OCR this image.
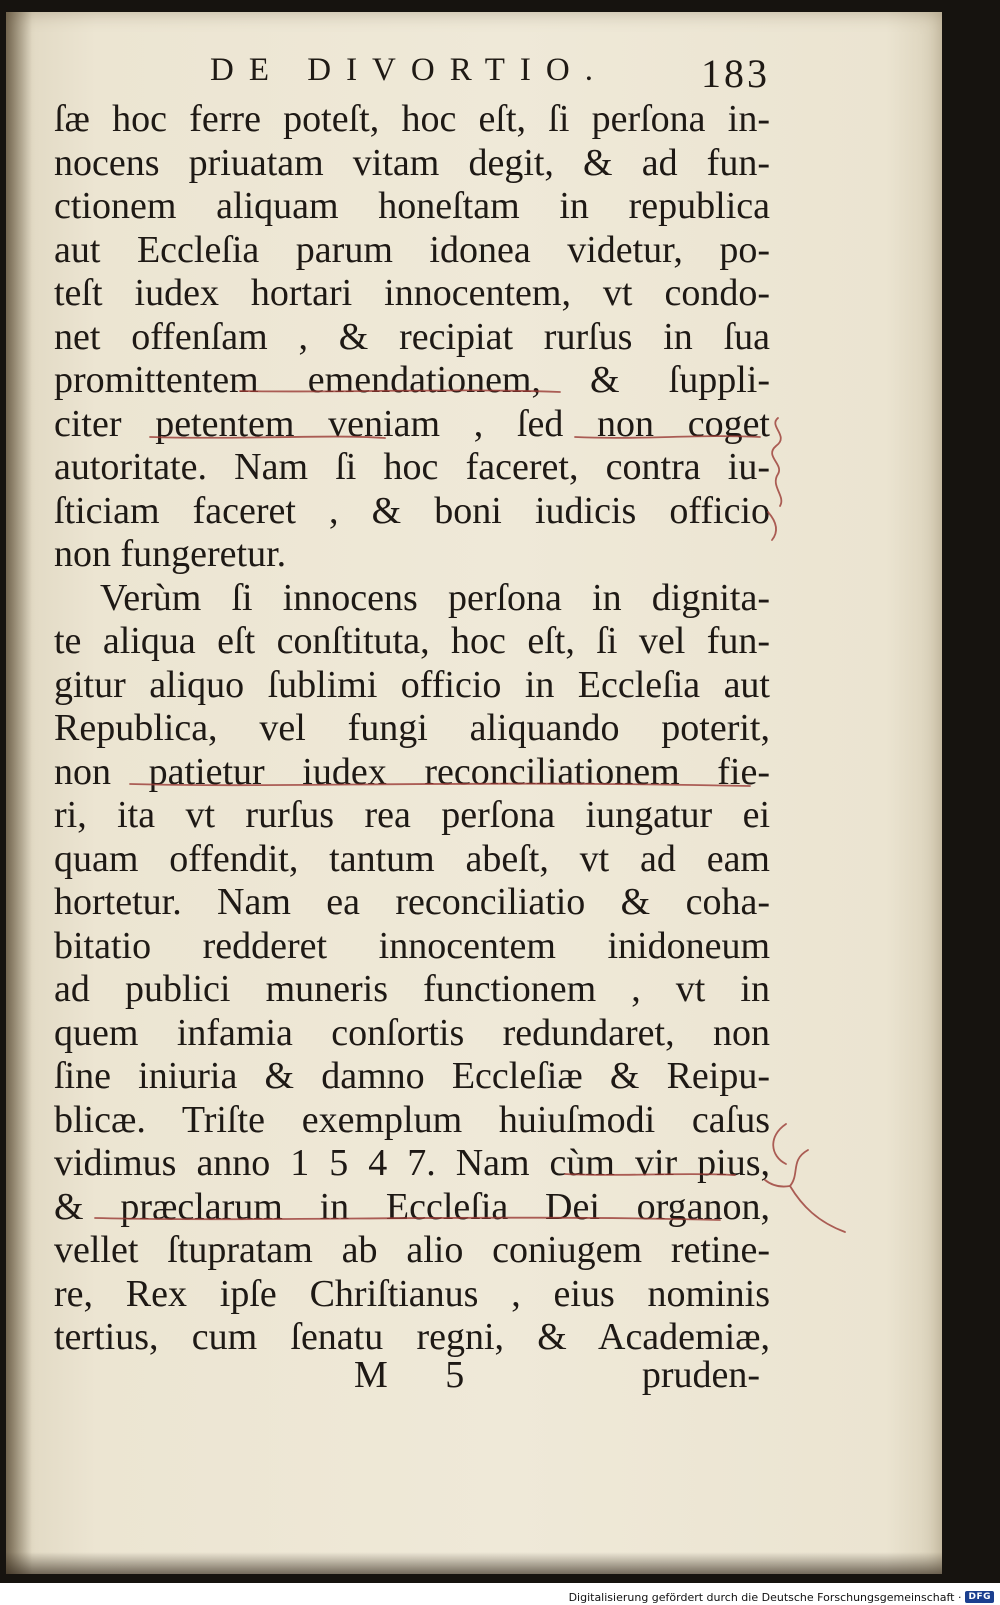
DE DIVORTIO. 183
ſæ hoc ferre poteſt, hoc eſt, ſi perſona in-
nocens priuatam vitam degit, & ad fun-
ctionem aliquam honeſtam in republica
aut Eccleſia parum idonea videtur, po-
teſt iudex hortari innocentem, vt condo-
net offenſam , & recipiat rurſus in ſua
promittentem emendationem, & ſuppli-
citer petentem veniam , ſed non coget
autoritate. Nam ſi hoc faceret, contra iu-
ſticiam faceret , & boni iudicis officio
non fungeretur.
Verùm ſi innocens perſona in dignita-
te aliqua eſt conſtituta, hoc eſt, ſi vel fun-
gitur aliquo ſublimi officio in Eccleſia aut
Republica, vel fungi aliquando poterit,
non patietur iudex reconciliationem fie-
ri, ita vt rurſus rea perſona iungatur ei
quam offendit, tantum abeſt, vt ad eam
hortetur. Nam ea reconciliatio & coha-
bitatio redderet innocentem inidoneum
ad publici muneris functionem , vt in
quem infamia conſortis redundaret, non
ſine iniuria & damno Eccleſiæ & Reipu-
blicæ. Triſte exemplum huiuſmodi caſus
vidimus anno 1 5 4 7. Nam cùm vir pius,
& præclarum in Eccleſia Dei organon,
vellet ſtupratam ab alio coniugem retine-
re, Rex ipſe Chriſtianus , eius nominis
tertius, cum ſenatu regni, & Academiæ,
M 5	pruden-
Digitalisierung gefördert durch die Deutsche Forschungsgemeinschaft · DFG
